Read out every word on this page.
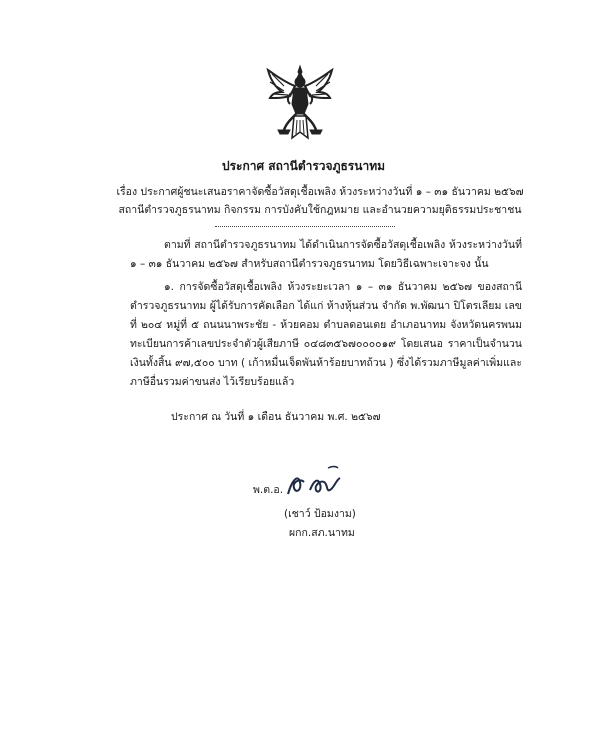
ประกาศ สถานีตำรวจภูธรนาทม
เรื่อง ประกาศผู้ชนะเสนอราคาจัดซื้อวัสดุเชื้อเพลิง ห้วงระหว่างวันที่ ๑ – ๓๑ ธันวาคม ๒๕๖๗
สถานีตำรวจภูธรนาทม กิจกรรม การบังคับใช้กฎหมาย และอำนวยความยุติธรรมประชาชน

ตามที่ สถานีตำรวจภูธรนาทม ได้ดำเนินการจัดซื้อวัสดุเชื้อเพลิง ห้วงระหว่างวันที่ ๑ – ๓๑ ธันวาคม ๒๕๖๗ สำหรับสถานีตำรวจภูธรนาทม โดยวิธีเฉพาะเจาะจง นั้น

๑. การจัดซื้อวัสดุเชื้อเพลิง ห้วงระยะเวลา ๑ – ๓๑ ธันวาคม ๒๕๖๗ ของสถานีตำรวจภูธรนาทม ผู้ได้รับการคัดเลือก ได้แก่ ห้างหุ้นส่วน จำกัด พ.พัฒนา ปิโตรเลียม เลขที่ ๒๐๔ หมู่ที่ ๕ ถนนนาพระชัย - ห้วยคอม ตำบลดอนเตย อำเภอนาทม จังหวัดนครพนม ทะเบียนการค้าเลขประจำตัวผู้เสียภาษี ๐๔๘๓๕๖๗๐๐๐๐๑๙ โดยเสนอ ราคาเป็นจำนวนเงินทั้งสิ้น ๙๗,๕๐๐ บาท ( เก้าหมื่นเจ็ดพันห้าร้อยบาทถ้วน ) ซึ่งได้รวมภาษีมูลค่าเพิ่มและ ภาษีอื่นรวมค่าขนส่ง ไว้เรียบร้อยแล้ว

ประกาศ ณ วันที่ ๑ เดือน ธันวาคม พ.ศ. ๒๕๖๗
พ.ต.อ.
(เชาว์ ป้อมงาม)
ผกก.สภ.นาทม
